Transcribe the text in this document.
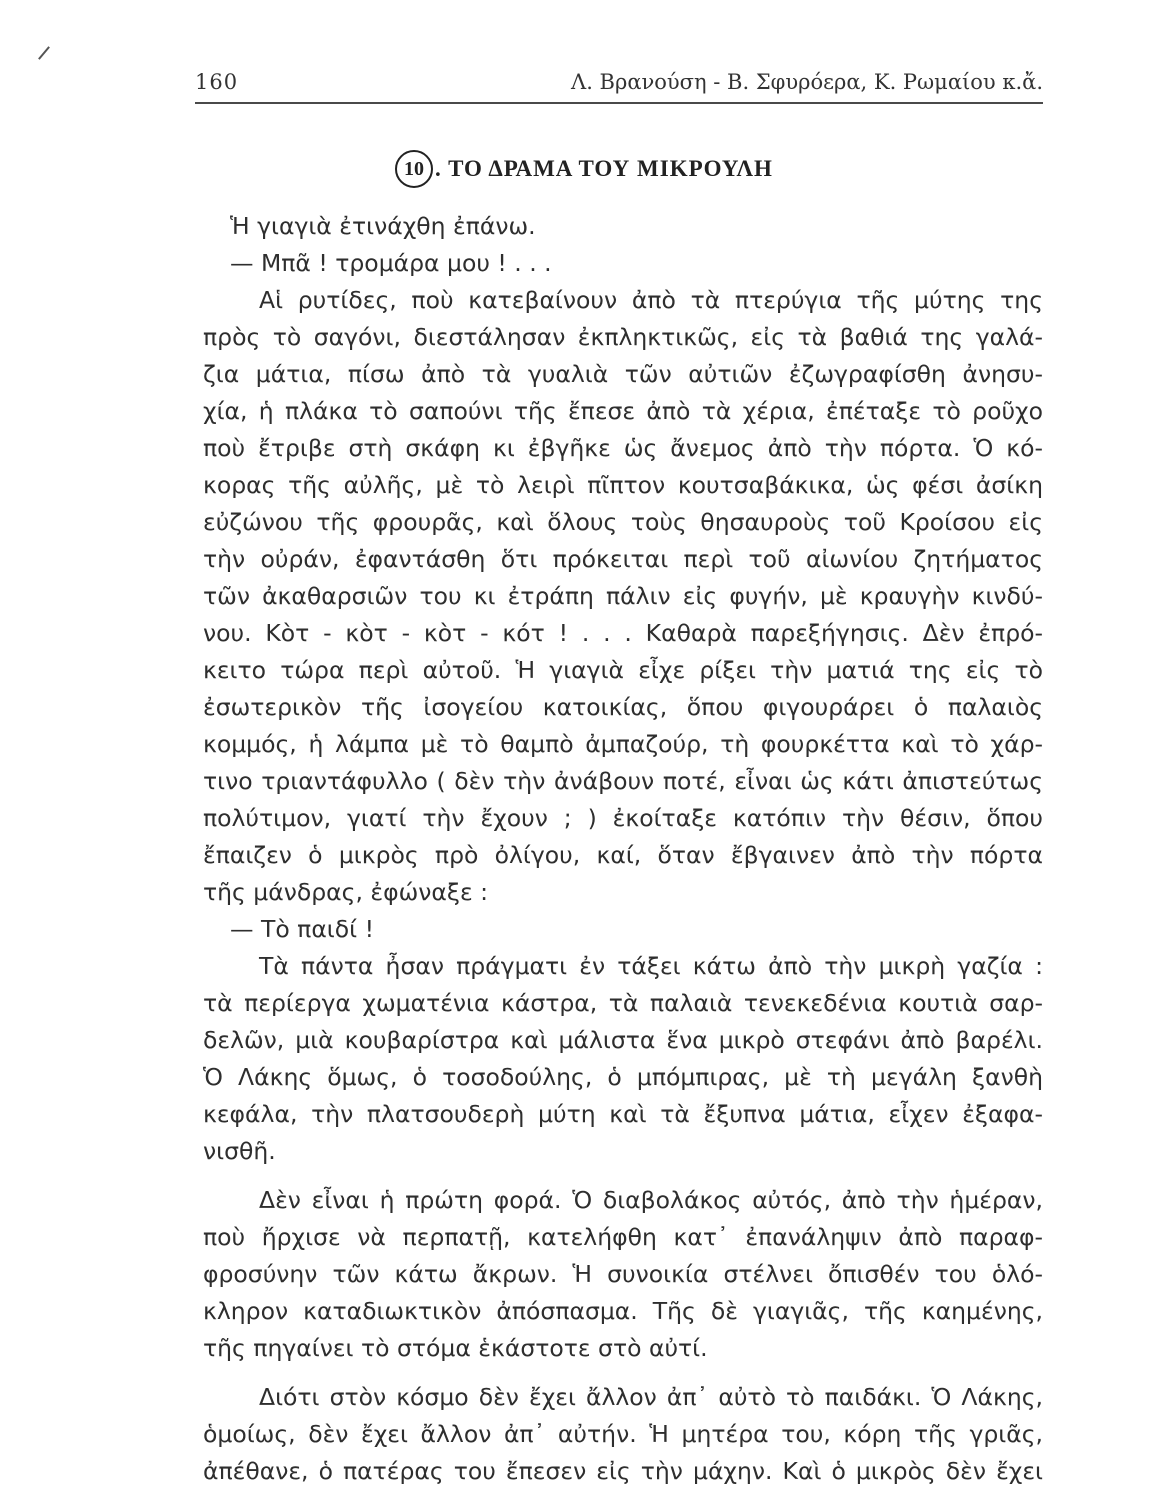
160	Λ. Βρανούση - Β. Σφυρόερα, Κ. Ρωμαίου κ.ἄ.
10 . ΤΟ ΔΡΑΜΑ ΤΟΥ ΜΙΚΡΟΥΛΗ
Ἡ γιαγιὰ ἐτινάχθη ἐπάνω.
— Μπᾶ ! τρομάρα μου ! . . .
Αἱ ρυτίδες, ποὺ κατεβαίνουν ἀπὸ τὰ πτερύγια τῆς μύτης της
πρὸς τὸ σαγόνι, διεστάλησαν ἐκπληκτικῶς, εἰς τὰ βαθιά της γαλά-
ζια μάτια, πίσω ἀπὸ τὰ γυαλιὰ τῶν αὐτιῶν ἐζωγραφίσθη ἀνησυ-
χία, ἡ πλάκα τὸ σαπούνι τῆς ἔπεσε ἀπὸ τὰ χέρια, ἐπέταξε τὸ ροῦχο
ποὺ ἔτριβε στὴ σκάφη κι ἐβγῆκε ὡς ἄνεμος ἀπὸ τὴν πόρτα. Ὁ κό-
κορας τῆς αὐλῆς, μὲ τὸ λειρὶ πῖπτον κουτσαβάκικα, ὡς φέσι ἀσίκη
εὐζώνου τῆς φρουρᾶς, καὶ ὅλους τοὺς θησαυροὺς τοῦ Κροίσου εἰς
τὴν οὐράν, ἐφαντάσθη ὅτι πρόκειται περὶ τοῦ αἰωνίου ζητήματος
τῶν ἀκαθαρσιῶν του κι ἐτράπη πάλιν εἰς φυγήν, μὲ κραυγὴν κινδύ-
νου. Κὸτ - κὸτ - κὸτ - κότ ! . . . Καθαρὰ παρεξήγησις. Δὲν ἐπρό-
κειτο τώρα περὶ αὐτοῦ. Ἡ γιαγιὰ εἶχε ρίξει τὴν ματιά της εἰς τὸ
ἐσωτερικὸν τῆς ἰσογείου κατοικίας, ὅπου φιγουράρει ὁ παλαιὸς
κομμός, ἡ λάμπα μὲ τὸ θαμπὸ ἀμπαζούρ, τὴ φουρκέττα καὶ τὸ χάρ-
τινο τριαντάφυλλο ( δὲν τὴν ἀνάβουν ποτέ, εἶναι ὡς κάτι ἀπιστεύτως
πολύτιμον, γιατί τὴν ἔχουν ; ) ἐκοίταξε κατόπιν τὴν θέσιν, ὅπου
ἔπαιζεν ὁ μικρὸς πρὸ ὀλίγου, καί, ὅταν ἔβγαινεν ἀπὸ τὴν πόρτα
τῆς μάνδρας, ἐφώναξε :
— Τὸ παιδί !
Τὰ πάντα ἦσαν πράγματι ἐν τάξει κάτω ἀπὸ τὴν μικρὴ γαζία :
τὰ περίεργα χωματένια κάστρα, τὰ παλαιὰ τενεκεδένια κουτιὰ σαρ-
δελῶν, μιὰ κουβαρίστρα καὶ μάλιστα ἕνα μικρὸ στεφάνι ἀπὸ βαρέλι.
Ὁ Λάκης ὅμως, ὁ τοσοδούλης, ὁ μπόμπιρας, μὲ τὴ μεγάλη ξανθὴ
κεφάλα, τὴν πλατσουδερὴ μύτη καὶ τὰ ἔξυπνα μάτια, εἶχεν ἐξαφα-
νισθῆ.
Δὲν εἶναι ἡ πρώτη φορά. Ὁ διαβολάκος αὐτός, ἀπὸ τὴν ἡμέραν,
ποὺ ἤρχισε νὰ περπατῇ, κατελήφθη κατ᾽ ἐπανάληψιν ἀπὸ παραφ-
φροσύνην τῶν κάτω ἄκρων. Ἡ συνοικία στέλνει ὄπισθέν του ὁλό-
κληρον καταδιωκτικὸν ἀπόσπασμα. Τῆς δὲ γιαγιᾶς, τῆς καημένης,
τῆς πηγαίνει τὸ στόμα ἑκάστοτε στὸ αὐτί.
Διότι στὸν κόσμο δὲν ἔχει ἄλλον ἀπ᾽ αὐτὸ τὸ παιδάκι. Ὁ Λάκης,
ὁμοίως, δὲν ἔχει ἄλλον ἀπ᾽ αὐτήν. Ἡ μητέρα του, κόρη τῆς γριᾶς,
ἀπέθανε, ὁ πατέρας του ἔπεσεν εἰς τὴν μάχην. Καὶ ὁ μικρὸς δὲν ἔχει
